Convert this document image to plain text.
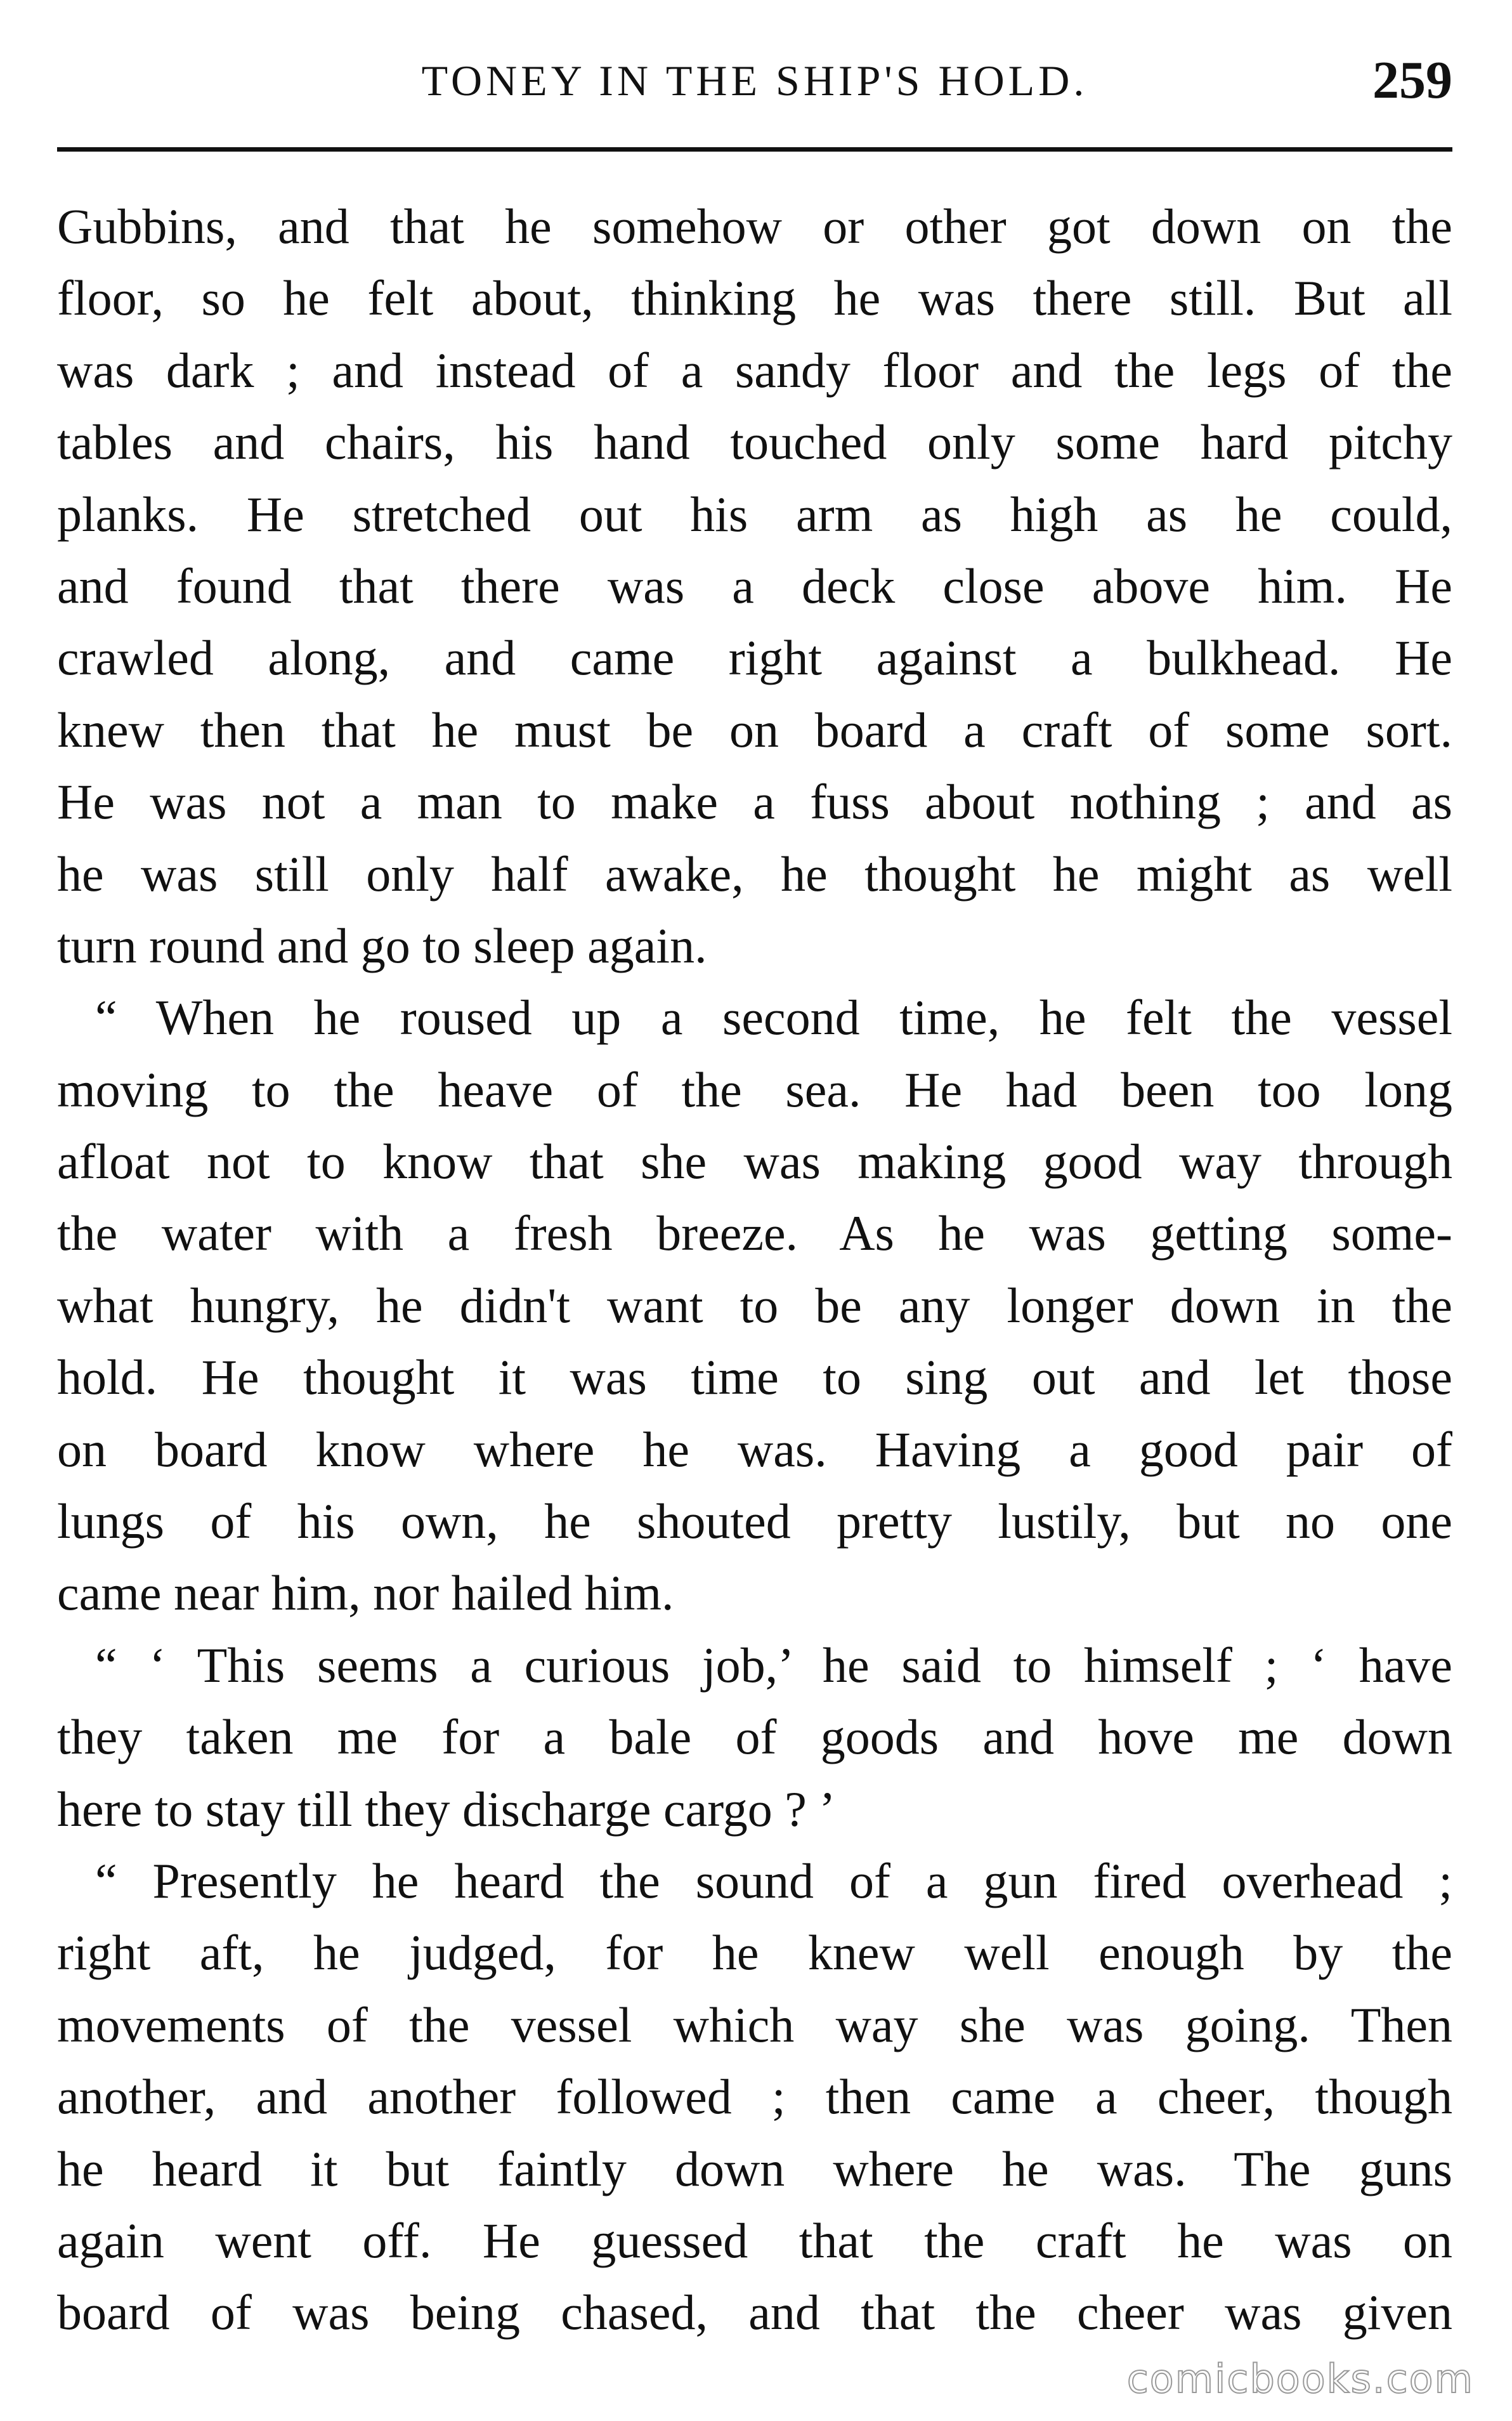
TONEY IN THE SHIP'S HOLD.	259
Gubbins, and that he somehow or other got down on the
floor, so he felt about, thinking he was there still. But all
was dark ; and instead of a sandy floor and the legs of the
tables and chairs, his hand touched only some hard pitchy
planks. He stretched out his arm as high as he could,
and found that there was a deck close above him. He
crawled along, and came right against a bulkhead. He
knew then that he must be on board a craft of some sort.
He was not a man to make a fuss about nothing ; and as
he was still only half awake, he thought he might as well
turn round and go to sleep again.
“ When he roused up a second time, he felt the vessel
moving to the heave of the sea. He had been too long
afloat not to know that she was making good way through
the water with a fresh breeze. As he was getting some-
what hungry, he didn't want to be any longer down in the
hold. He thought it was time to sing out and let those
on board know where he was. Having a good pair of
lungs of his own, he shouted pretty lustily, but no one
came near him, nor hailed him.
“ ‘ This seems a curious job,’ he said to himself ; ‘ have
they taken me for a bale of goods and hove me down
here to stay till they discharge cargo ? ’
“ Presently he heard the sound of a gun fired overhead ;
right aft, he judged, for he knew well enough by the
movements of the vessel which way she was going. Then
another, and another followed ; then came a cheer, though
he heard it but faintly down where he was. The guns
again went off. He guessed that the craft he was on
board of was being chased, and that the cheer was given
comicbooks.com
